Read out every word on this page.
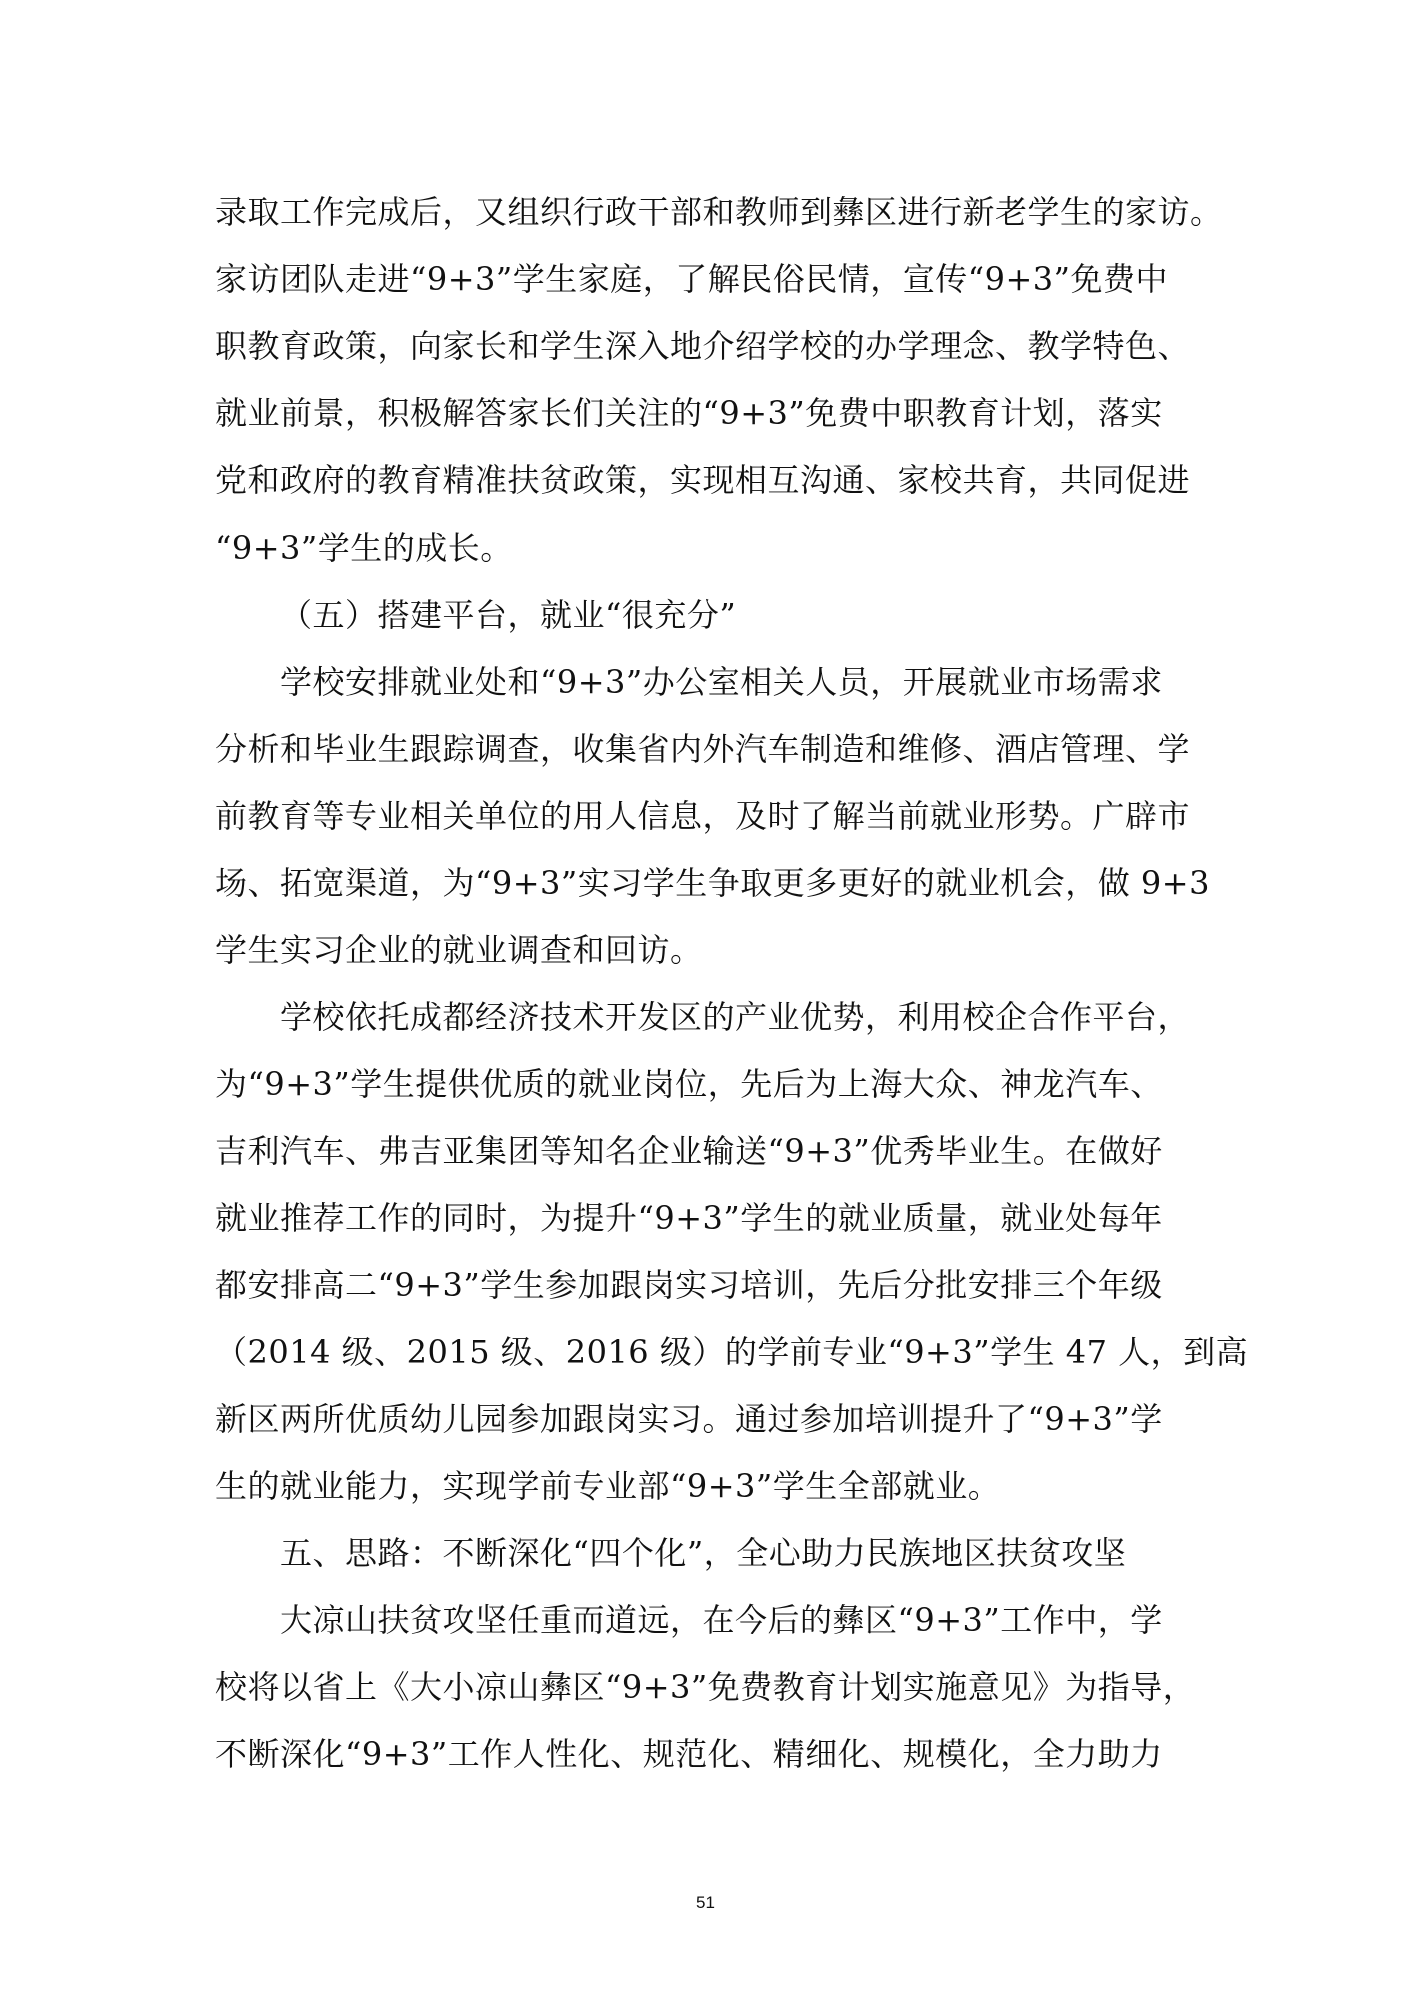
录取工作完成后，又组织行政干部和教师到彝区进行新老学生的家访。
家访团队走进“9+3”学生家庭，了解民俗民情，宣传“9+3”免费中
职教育政策，向家长和学生深入地介绍学校的办学理念、教学特色、
就业前景，积极解答家长们关注的“9+3”免费中职教育计划，落实
党和政府的教育精准扶贫政策，实现相互沟通、家校共育，共同促进
“9+3”学生的成长。
（五）搭建平台，就业“很充分”
学校安排就业处和“9+3”办公室相关人员，开展就业市场需求
分析和毕业生跟踪调查，收集省内外汽车制造和维修、酒店管理、学
前教育等专业相关单位的用人信息，及时了解当前就业形势。广辟市
场、拓宽渠道，为“9+3”实习学生争取更多更好的就业机会，做 9+3
学生实习企业的就业调查和回访。
学校依托成都经济技术开发区的产业优势，利用校企合作平台，
为“9+3”学生提供优质的就业岗位，先后为上海大众、神龙汽车、
吉利汽车、弗吉亚集团等知名企业输送“9+3”优秀毕业生。在做好
就业推荐工作的同时，为提升“9+3”学生的就业质量，就业处每年
都安排高二“9+3”学生参加跟岗实习培训，先后分批安排三个年级
（2014 级、2015 级、2016 级）的学前专业“9+3”学生 47 人，到高
新区两所优质幼儿园参加跟岗实习。通过参加培训提升了“9+3”学
生的就业能力，实现学前专业部“9+3”学生全部就业。
五、思路：不断深化“四个化”，全心助力民族地区扶贫攻坚
大凉山扶贫攻坚任重而道远，在今后的彝区“9+3”工作中，学
校将以省上《大小凉山彝区“9+3”免费教育计划实施意见》为指导，
不断深化“9+3”工作人性化、规范化、精细化、规模化，全力助力
51
